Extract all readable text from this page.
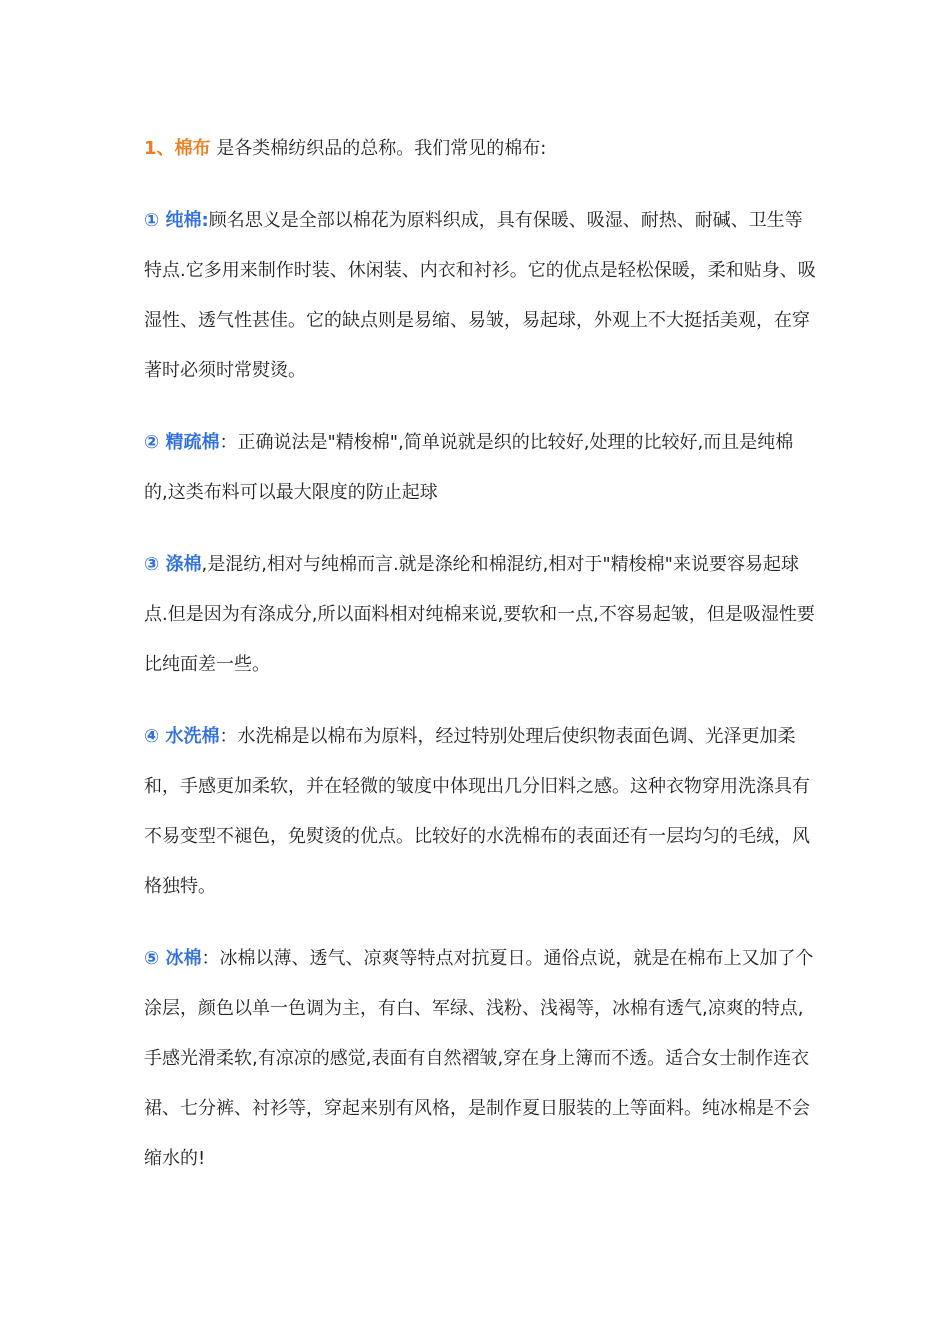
1、棉布 是各类棉纺织品的总称。我们常见的棉布:

① 纯棉:顾名思义是全部以棉花为原料织成，具有保暖、吸湿、耐热、耐碱、卫生等特点.它多用来制作时装、休闲装、内衣和衬衫。它的优点是轻松保暖，柔和贴身、吸湿性、透气性甚佳。它的缺点则是易缩、易皱，易起球，外观上不大挺括美观，在穿著时必须时常熨烫。

② 精疏棉：正确说法是"精梭棉",简单说就是织的比较好,处理的比较好,而且是纯棉的,这类布料可以最大限度的防止起球

③ 涤棉,是混纺,相对与纯棉而言.就是涤纶和棉混纺,相对于"精梭棉"来说要容易起球点.但是因为有涤成分,所以面料相对纯棉来说,要软和一点,不容易起皱，但是吸湿性要比纯面差一些。

④ 水洗棉：水洗棉是以棉布为原料，经过特别处理后使织物表面色调、光泽更加柔和，手感更加柔软，并在轻微的皱度中体现出几分旧料之感。这种衣物穿用洗涤具有不易变型不褪色，免熨烫的优点。比较好的水洗棉布的表面还有一层均匀的毛绒，风格独特。

⑤ 冰棉：冰棉以薄、透气、凉爽等特点对抗夏日。通俗点说，就是在棉布上又加了个涂层，颜色以单一色调为主，有白、军绿、浅粉、浅褐等，冰棉有透气,凉爽的特点,手感光滑柔软,有凉凉的感觉,表面有自然褶皱,穿在身上簿而不透。适合女士制作连衣裙、七分裤、衬衫等，穿起来别有风格，是制作夏日服装的上等面料。纯冰棉是不会缩水的!
